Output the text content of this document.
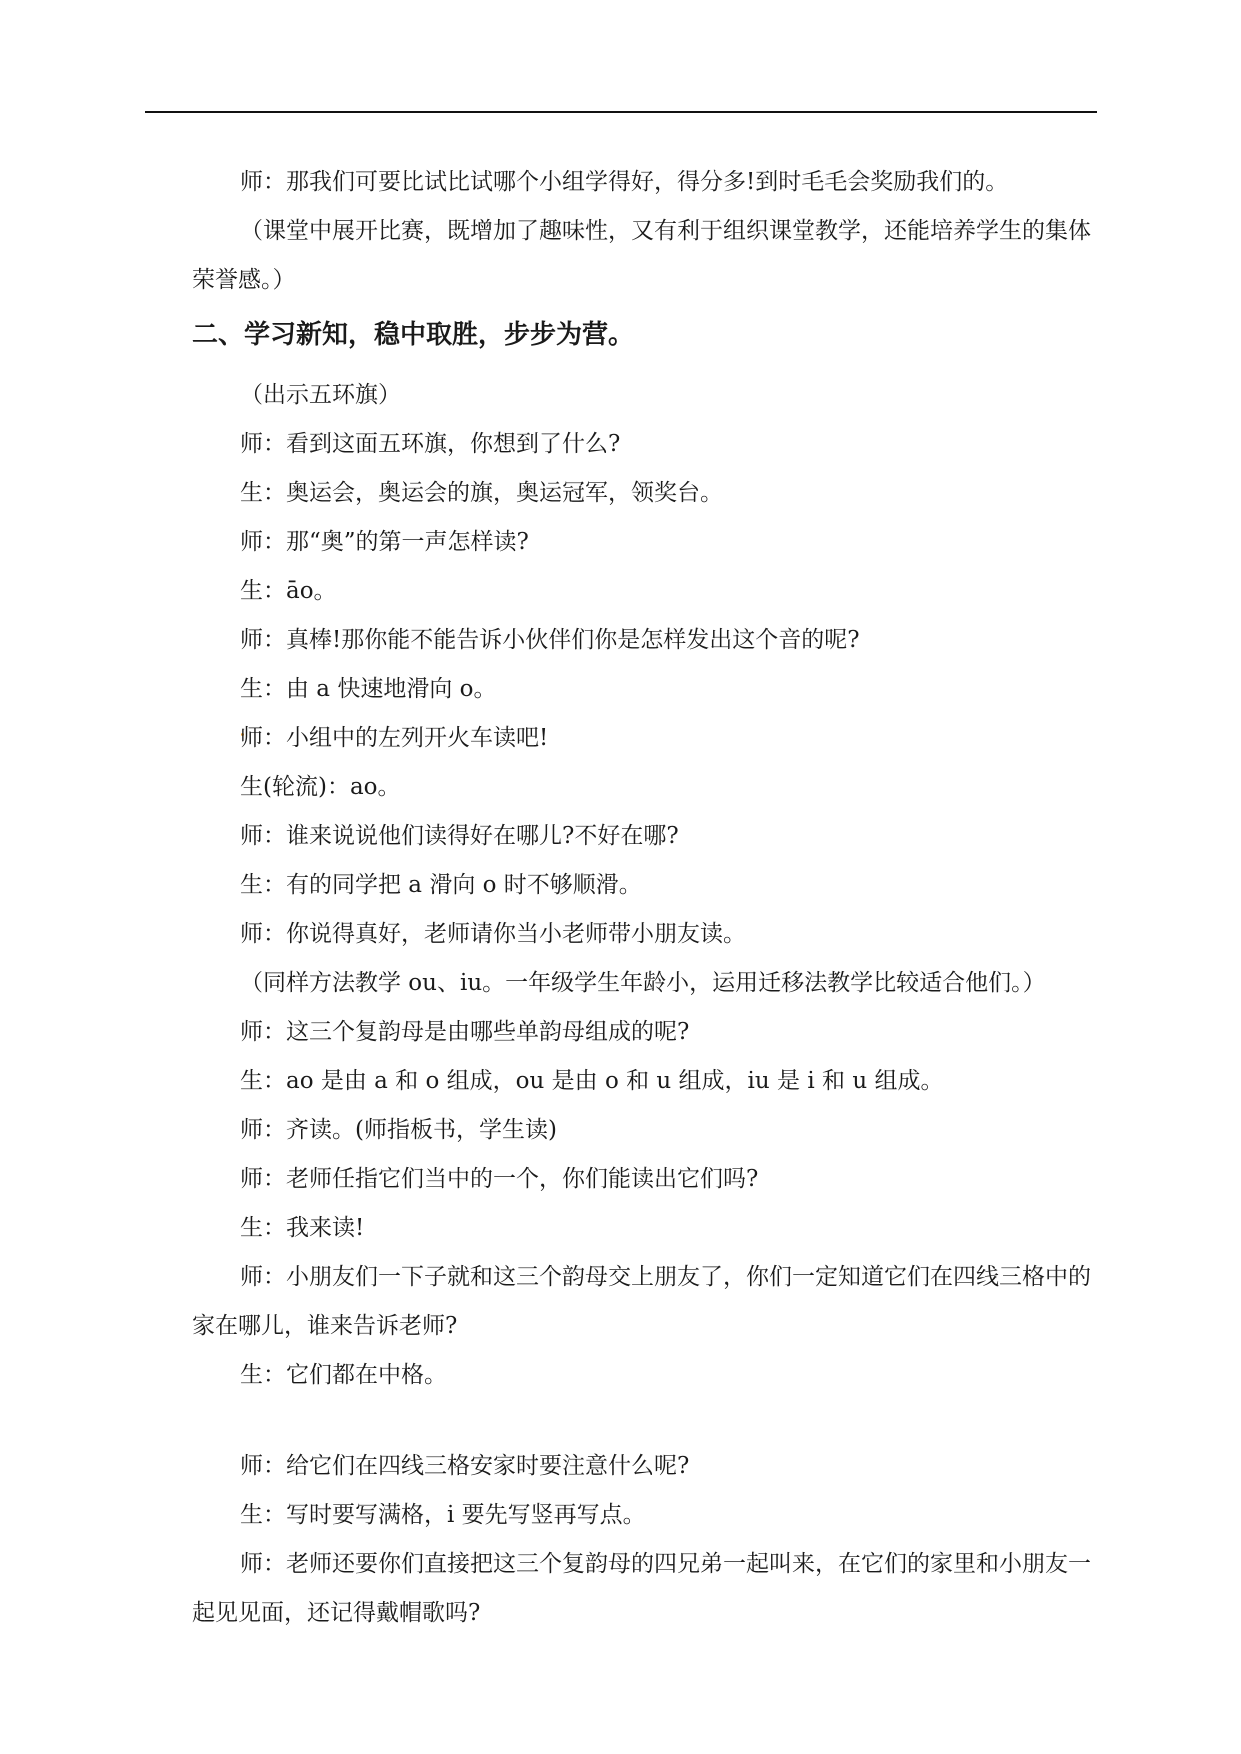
师：那我们可要比试比试哪个小组学得好，得分多!到时毛毛会奖励我们的。

（课堂中展开比赛，既增加了趣味性，又有利于组织课堂教学，还能培养学生的集体荣誉感。）

二、学习新知，稳中取胜，步步为营。

（出示五环旗）

师：看到这面五环旗，你想到了什么?

生：奥运会，奥运会的旗，奥运冠军，领奖台。

师：那“奥”的第一声怎样读?

生：āo。

师：真棒!那你能不能告诉小伙伴们你是怎样发出这个音的呢?

生：由 a 快速地滑向 o。

师：小组中的左列开火车读吧!

生(轮流)：ao。

师：谁来说说他们读得好在哪儿?不好在哪?

生：有的同学把 a 滑向 o 时不够顺滑。

师：你说得真好，老师请你当小老师带小朋友读。

（同样方法教学 ou、iu。一年级学生年龄小，运用迁移法教学比较适合他们。）

师：这三个复韵母是由哪些单韵母组成的呢?

生：ao 是由 a 和 o 组成，ou 是由 o 和 u 组成，iu 是 i 和 u 组成。

师：齐读。(师指板书，学生读)

师：老师任指它们当中的一个，你们能读出它们吗?

生：我来读!

师：小朋友们一下子就和这三个韵母交上朋友了，你们一定知道它们在四线三格中的家在哪儿，谁来告诉老师?

生：它们都在中格。

师：给它们在四线三格安家时要注意什么呢?

生：写时要写满格，i 要先写竖再写点。

师：老师还要你们直接把这三个复韵母的四兄弟一起叫来，在它们的家里和小朋友一起见见面，还记得戴帽歌吗?
